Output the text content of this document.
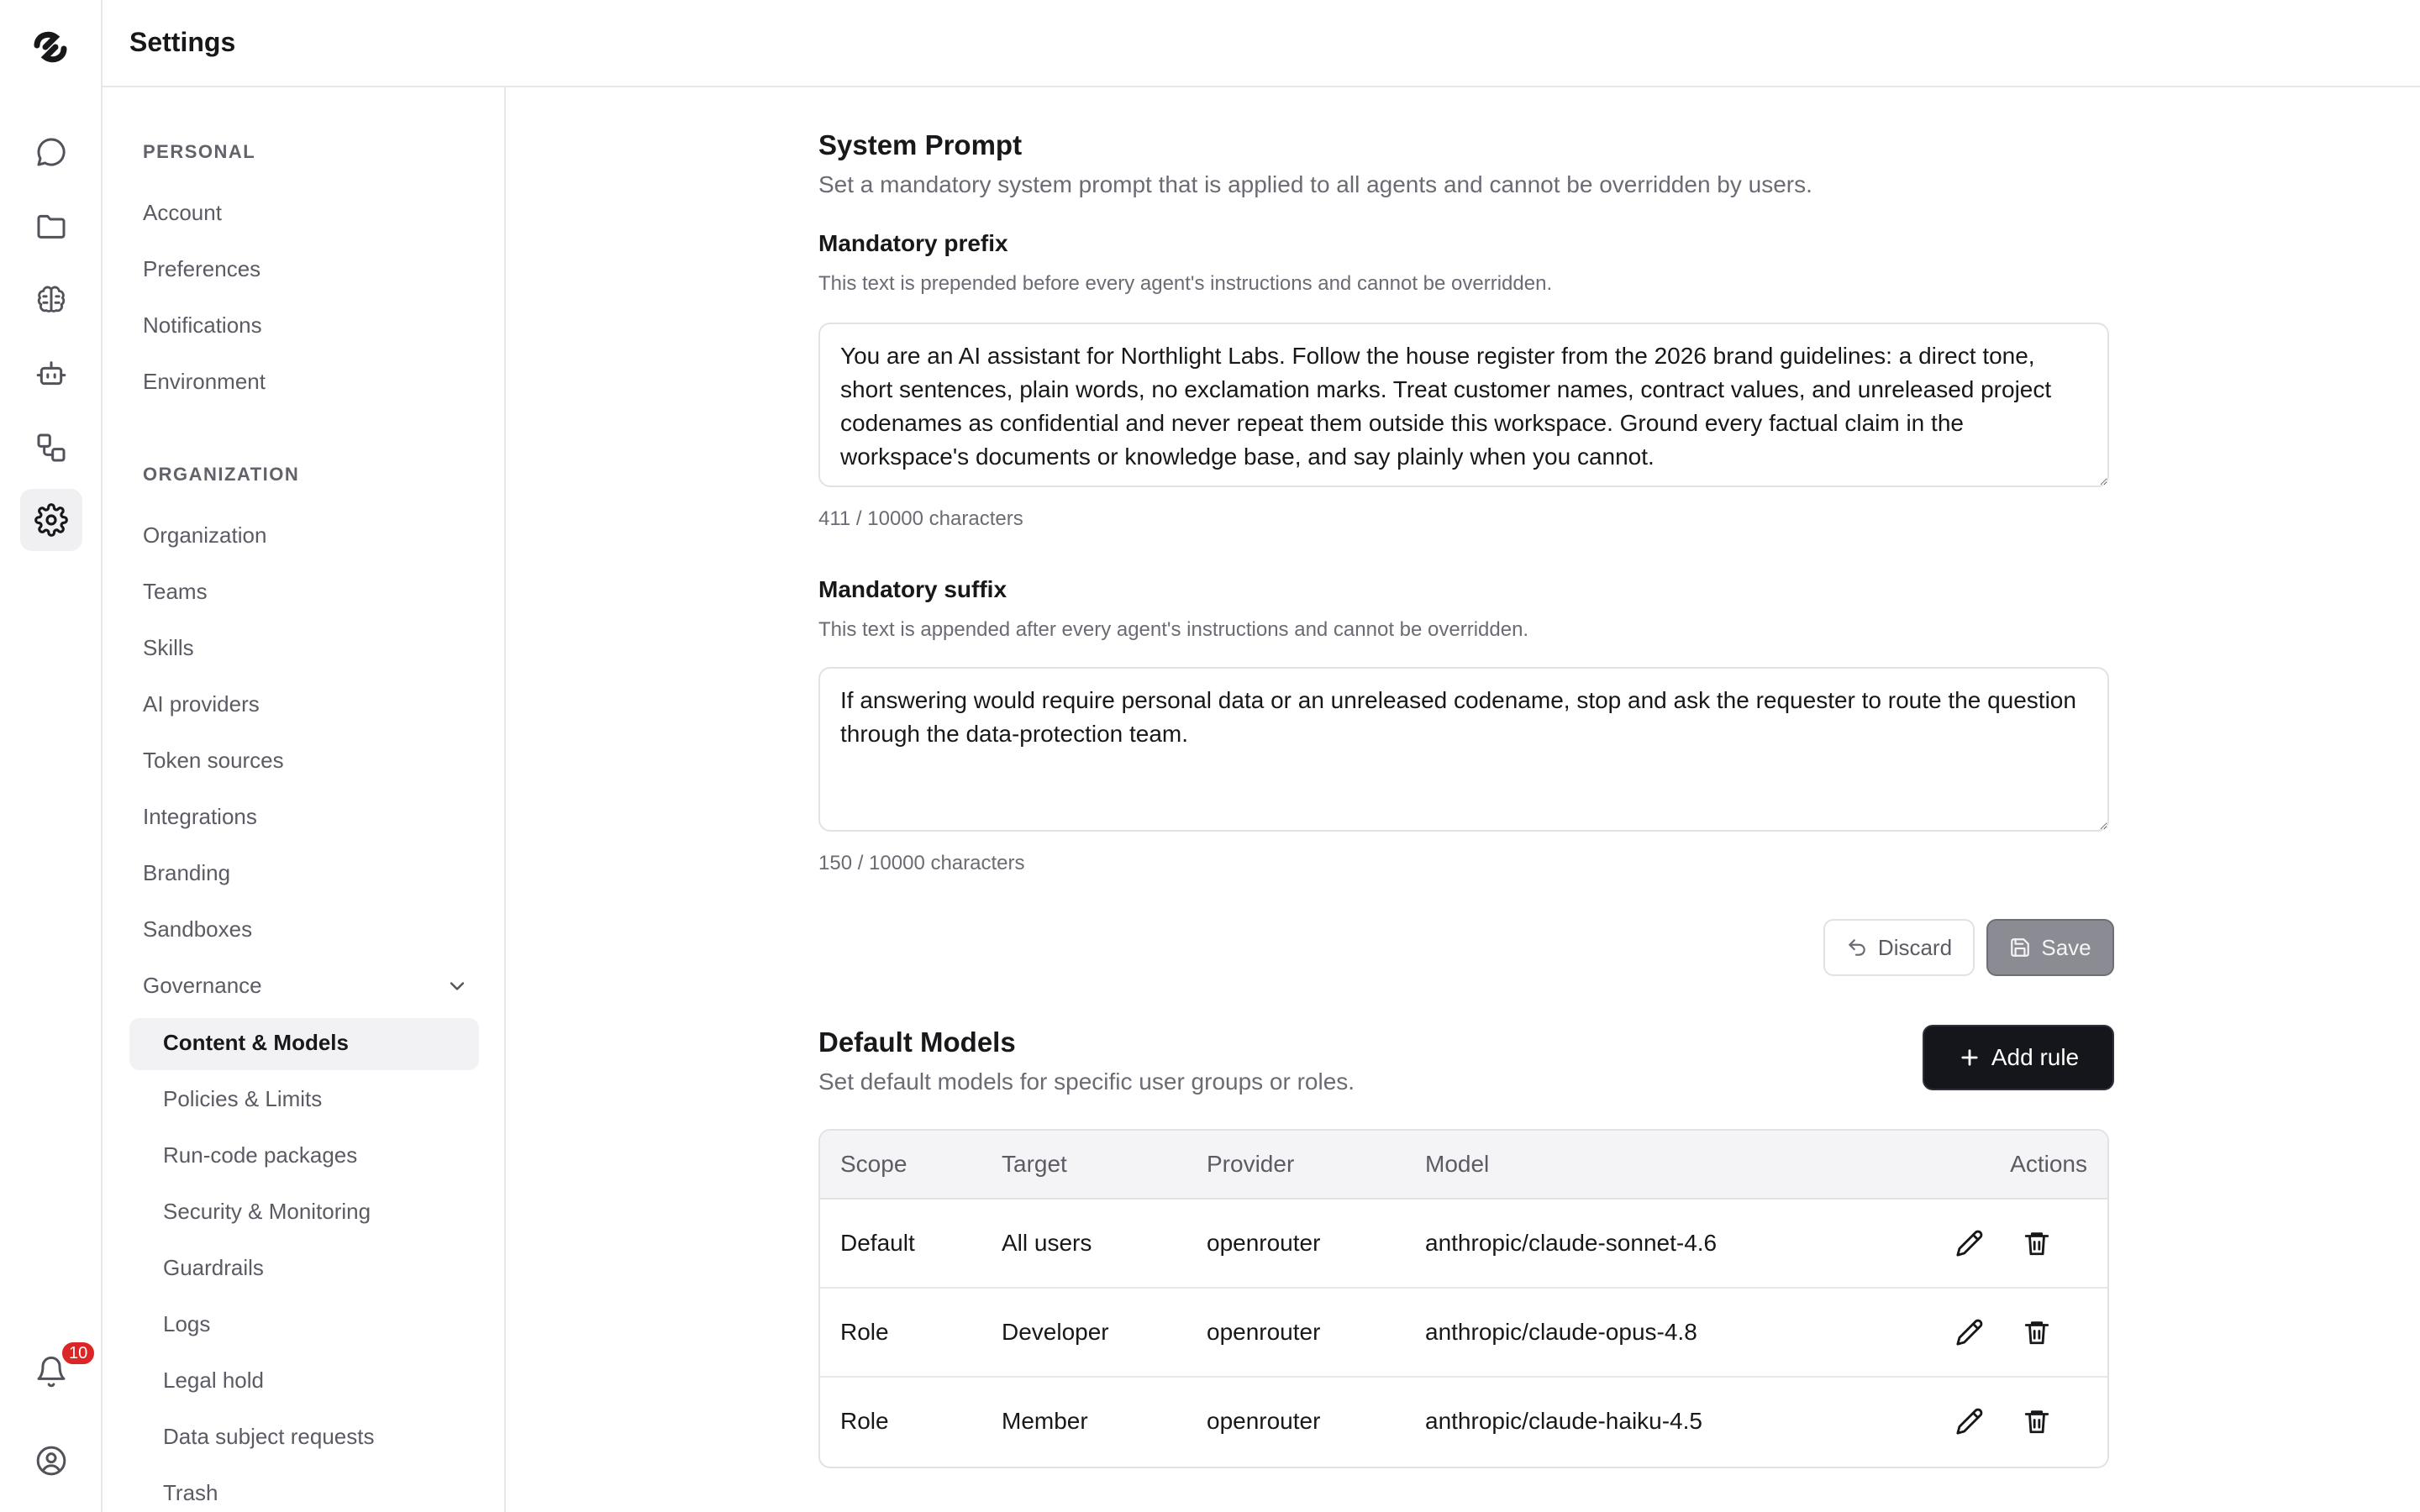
10
Settings
PERSONAL
Account
Preferences
Notifications
Environment
ORGANIZATION
Organization
Teams
Skills
AI providers
Token sources
Integrations
Branding
Sandboxes
Governance
Content & Models
Policies & Limits
Run-code packages
Security & Monitoring
Guardrails
Logs
Legal hold
Data subject requests
Trash
System Prompt
Set a mandatory system prompt that is applied to all agents and cannot be overridden by users.
Mandatory prefix
This text is prepended before every agent's instructions and cannot be overridden.
You are an AI assistant for Northlight Labs. Follow the house register from the 2026 brand guidelines: a direct tone, short sentences, plain words, no exclamation marks. Treat customer names, contract values, and unreleased project codenames as confidential and never repeat them outside this workspace. Ground every factual claim in the workspace's documents or knowledge base, and say plainly when you cannot.
411 / 10000 characters
Mandatory suffix
This text is appended after every agent's instructions and cannot be overridden.
If answering would require personal data or an unreleased codename, stop and ask the requester to route the question through the data-protection team.
150 / 10000 characters
Discard	Save
Default Models
Set default models for specific user groups or roles.
Add rule
Scope	Target	Provider	Model	Actions
Default	All users	openrouter	anthropic/claude-sonnet-4.6
Role	Developer	openrouter	anthropic/claude-opus-4.8
Role	Member	openrouter	anthropic/claude-haiku-4.5
